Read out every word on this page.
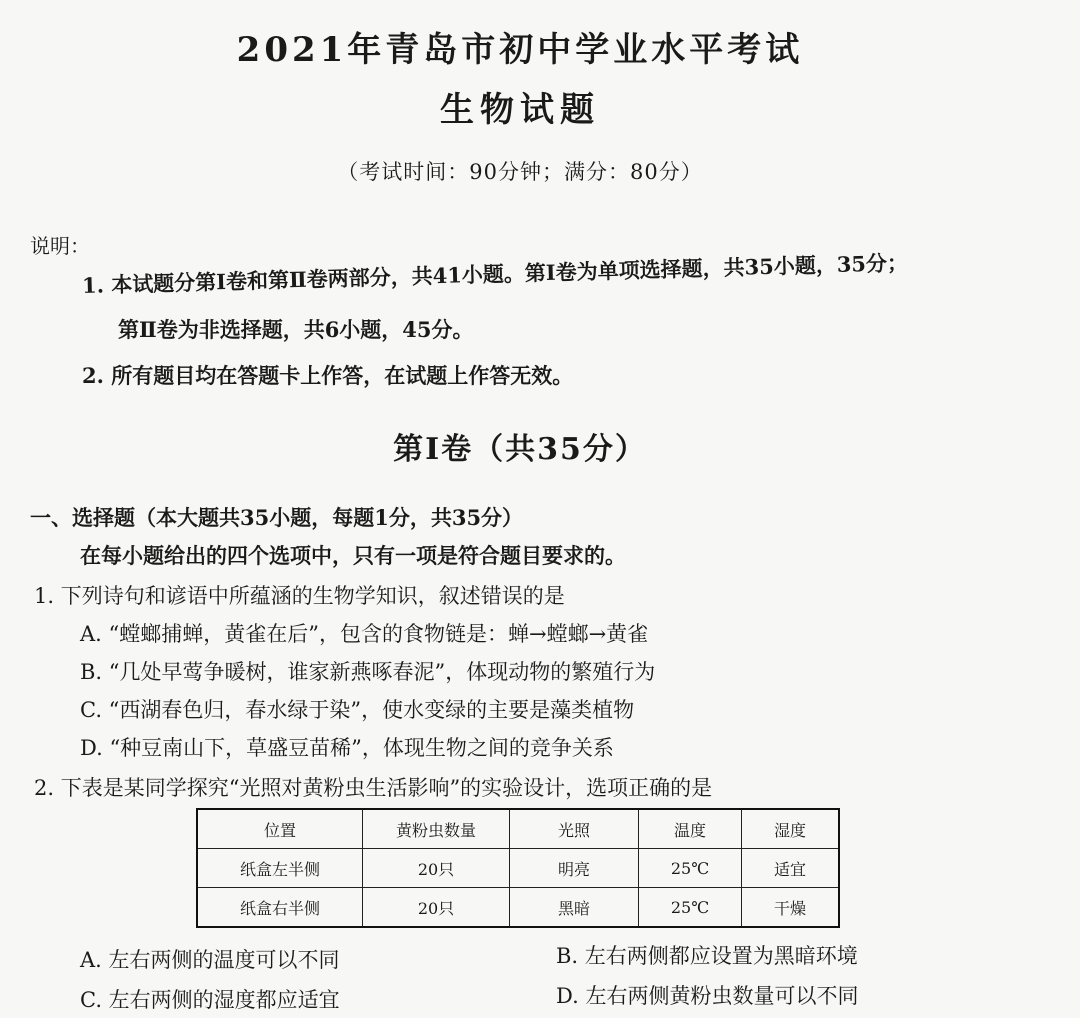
2021年青岛市初中学业水平考试
生物试题
（考试时间：90分钟；满分：80分）
说明：
1. 本试题分第Ⅰ卷和第Ⅱ卷两部分，共41小题。第Ⅰ卷为单项选择题，共35小题，35分；
第Ⅱ卷为非选择题，共6小题，45分。
2. 所有题目均在答题卡上作答，在试题上作答无效。
第Ⅰ卷（共35分）
一、选择题（本大题共35小题，每题1分，共35分）
在每小题给出的四个选项中，只有一项是符合题目要求的。
1. 下列诗句和谚语中所蕴涵的生物学知识，叙述错误的是
A. “螳螂捕蝉，黄雀在后”，包含的食物链是：蝉→螳螂→黄雀
B. “几处早莺争暖树，谁家新燕啄春泥”，体现动物的繁殖行为
C. “西湖春色归，春水绿于染”，使水变绿的主要是藻类植物
D. “种豆南山下，草盛豆苗稀”，体现生物之间的竞争关系
2. 下表是某同学探究“光照对黄粉虫生活影响”的实验设计，选项正确的是
位置	黄粉虫数量	光照	温度	湿度
纸盒左半侧	20只	明亮	25℃	适宜
纸盒右半侧	20只	黑暗	25℃	干燥
A. 左右两侧的温度可以不同	B. 左右两侧都应设置为黑暗环境
C. 左右两侧的湿度都应适宜	D. 左右两侧黄粉虫数量可以不同
